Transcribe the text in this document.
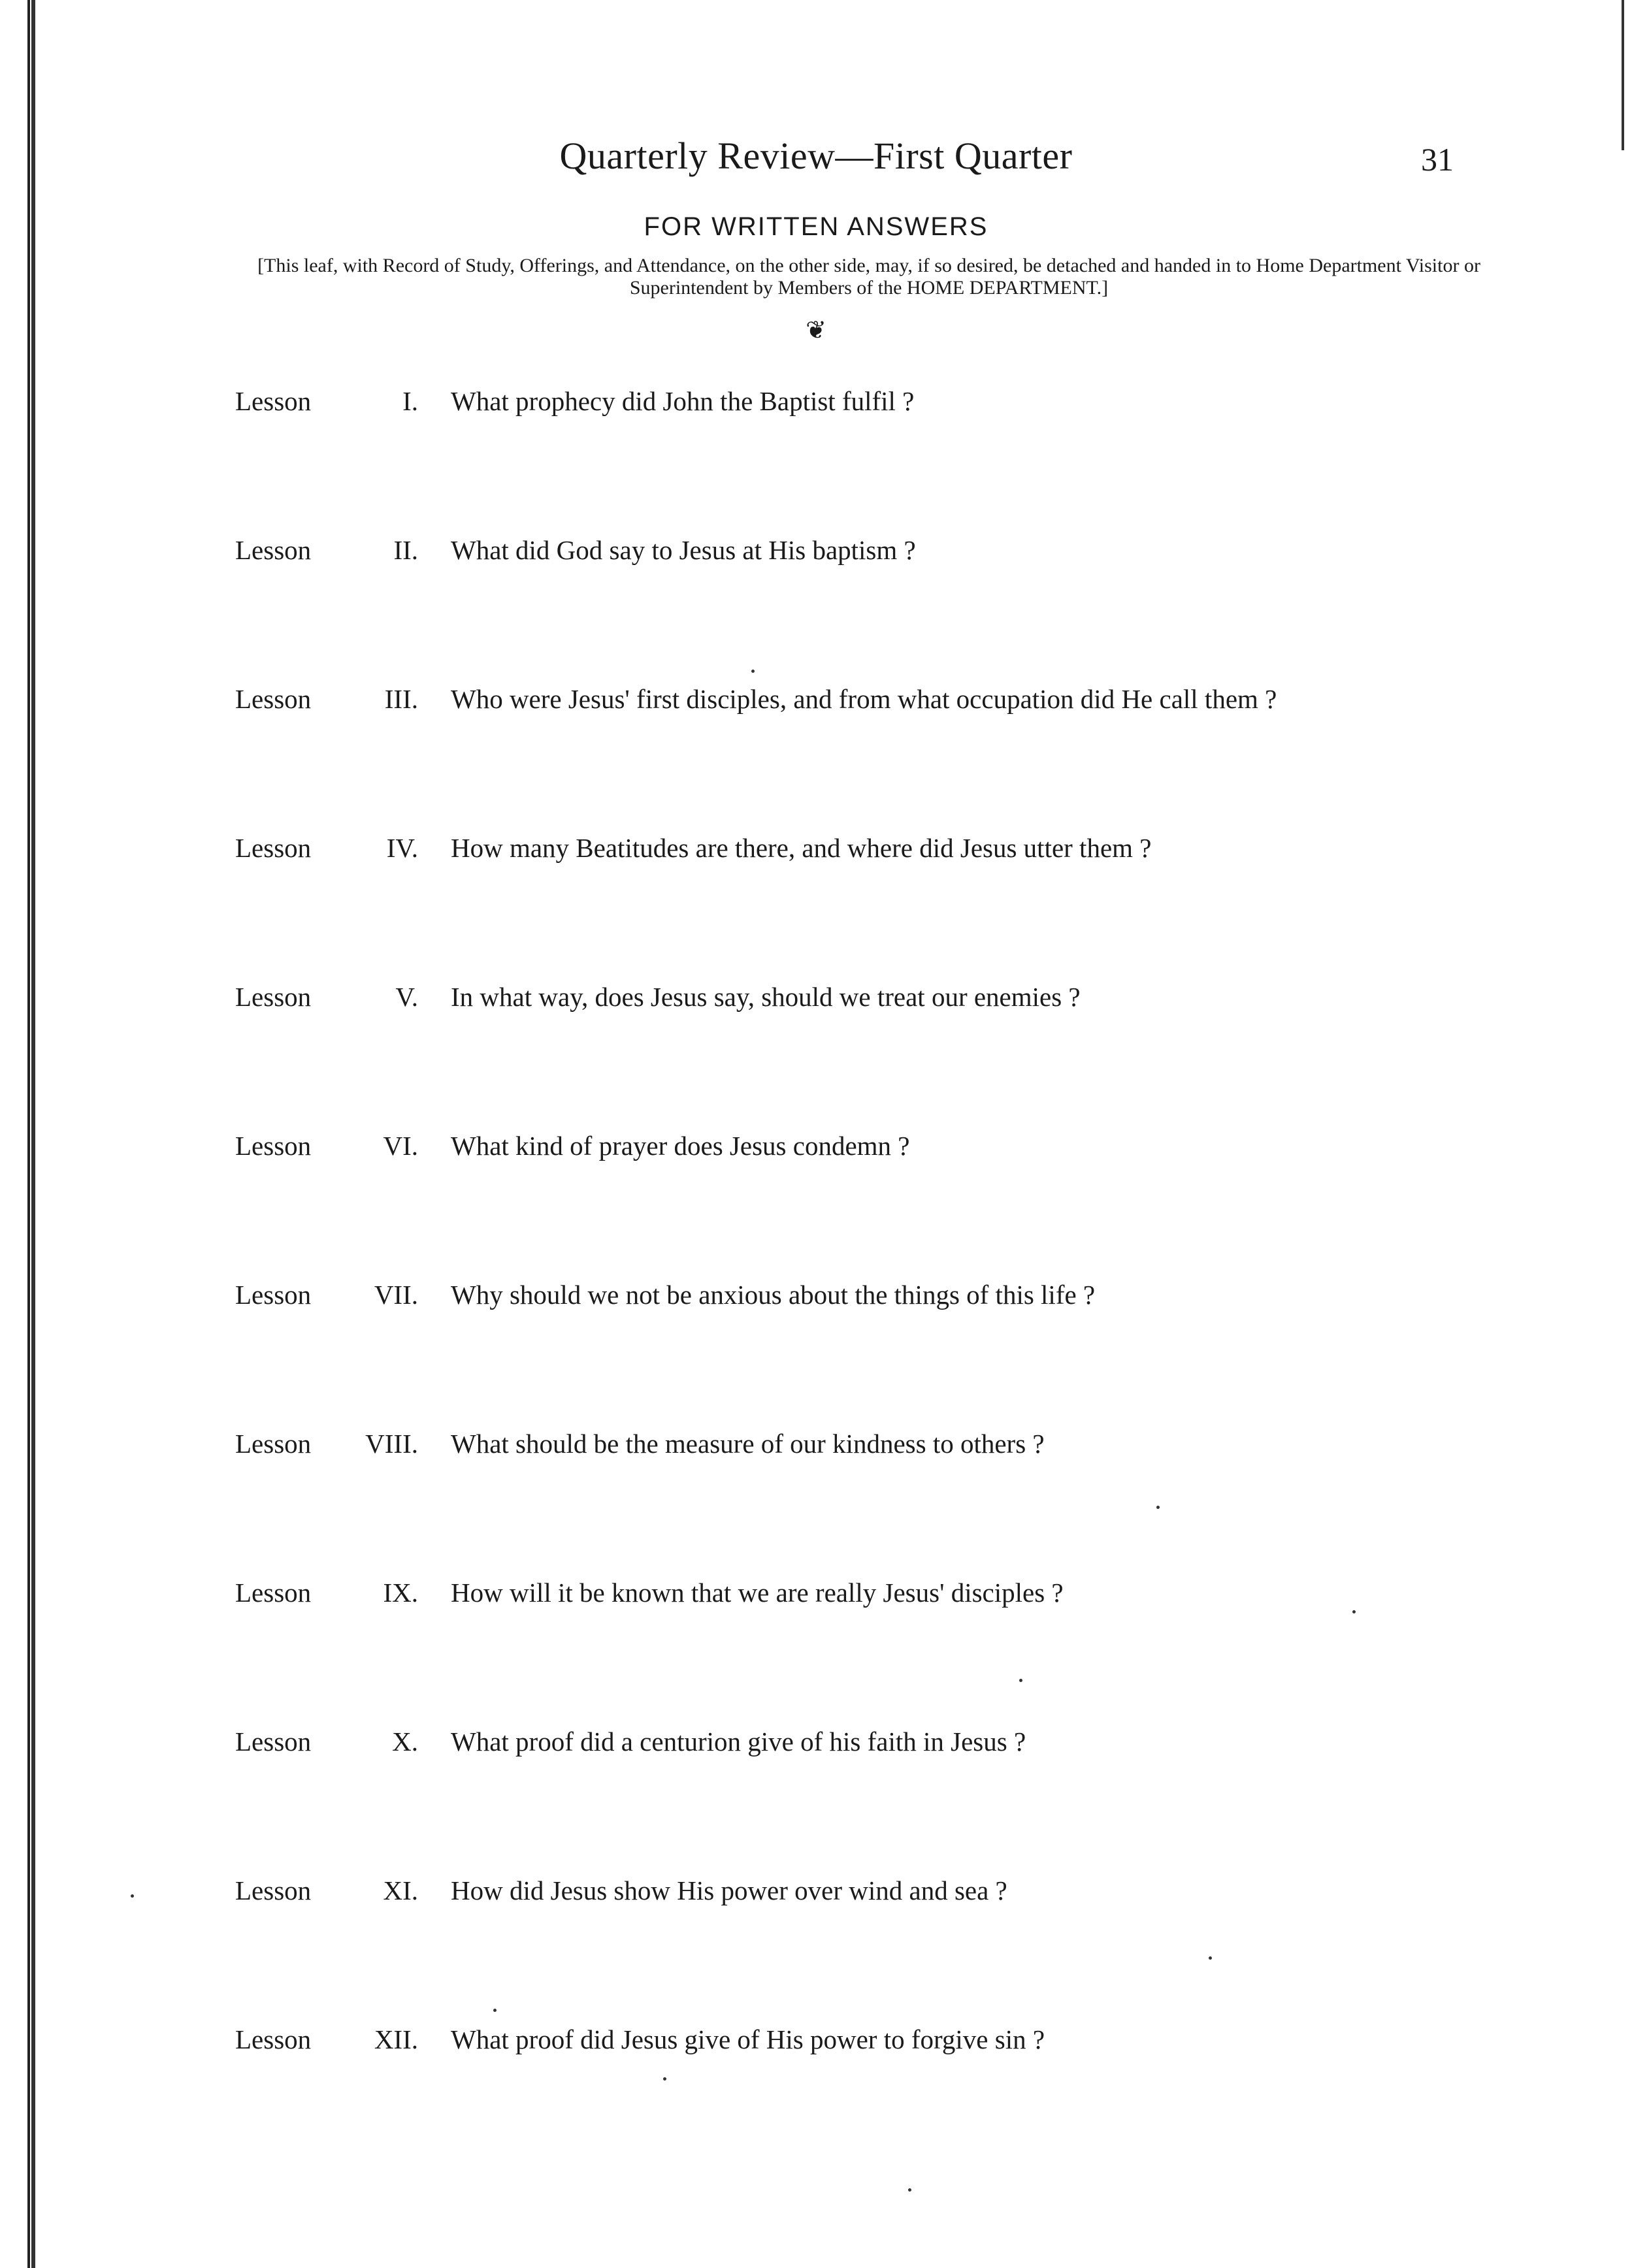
Quarterly Review—First Quarter	31
FOR WRITTEN ANSWERS
[This leaf, with Record of Study, Offerings, and Attendance, on the other side, may, if so desired, be detached and handed in to Home Department Visitor or Superintendent by Members of the HOME DEPARTMENT.]
❦
Lesson	I. What prophecy did John the Baptist fulfil ?
Lesson	II. What did God say to Jesus at His baptism ?
Lesson	III. Who were Jesus' first disciples, and from what occupation did He call them ?
Lesson	IV. How many Beatitudes are there, and where did Jesus utter them ?
Lesson	V. In what way, does Jesus say, should we treat our enemies ?
Lesson	VI. What kind of prayer does Jesus condemn ?
Lesson	VII. Why should we not be anxious about the things of this life ?
Lesson	VIII. What should be the measure of our kindness to others ?
Lesson	IX. How will it be known that we are really Jesus' disciples ?
Lesson	X. What proof did a centurion give of his faith in Jesus ?
Lesson	XI. How did Jesus show His power over wind and sea ?
Lesson	XII. What proof did Jesus give of His power to forgive sin ?
